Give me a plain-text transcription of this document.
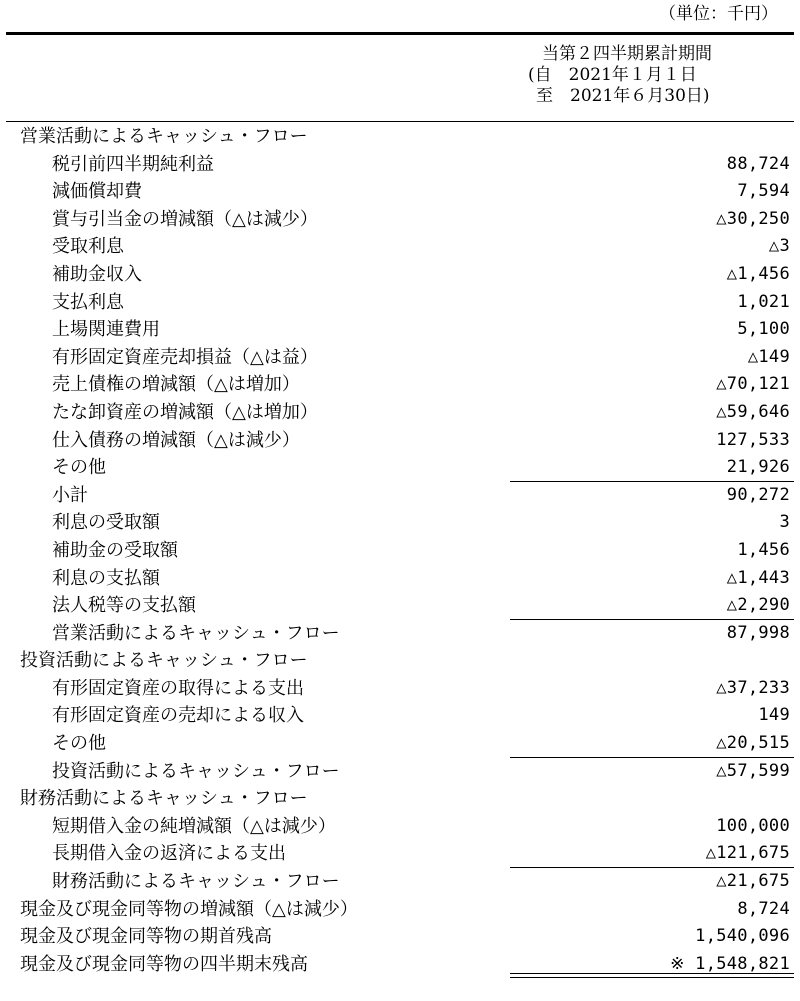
（単位：千円）
当第２四半期累計期間
(自　2021年１月１日
至　2021年６月30日)
営業活動によるキャッシュ・フロー
税引前四半期純利益	88,724
減価償却費	7,594
賞与引当金の増減額（△は減少）	△30,250
受取利息	△3
補助金収入	△1,456
支払利息	1,021
上場関連費用	5,100
有形固定資産売却損益（△は益）	△149
売上債権の増減額（△は増加）	△70,121
たな卸資産の増減額（△は増加）	△59,646
仕入債務の増減額（△は減少）	127,533
その他	21,926
小計	90,272
利息の受取額	3
補助金の受取額	1,456
利息の支払額	△1,443
法人税等の支払額	△2,290
営業活動によるキャッシュ・フロー	87,998
投資活動によるキャッシュ・フロー
有形固定資産の取得による支出	△37,233
有形固定資産の売却による収入	149
その他	△20,515
投資活動によるキャッシュ・フロー	△57,599
財務活動によるキャッシュ・フロー
短期借入金の純増減額（△は減少）	100,000
長期借入金の返済による支出	△121,675
財務活動によるキャッシュ・フロー	△21,675
現金及び現金同等物の増減額（△は減少）	8,724
現金及び現金同等物の期首残高	1,540,096
現金及び現金同等物の四半期末残高	※ 1,548,821
